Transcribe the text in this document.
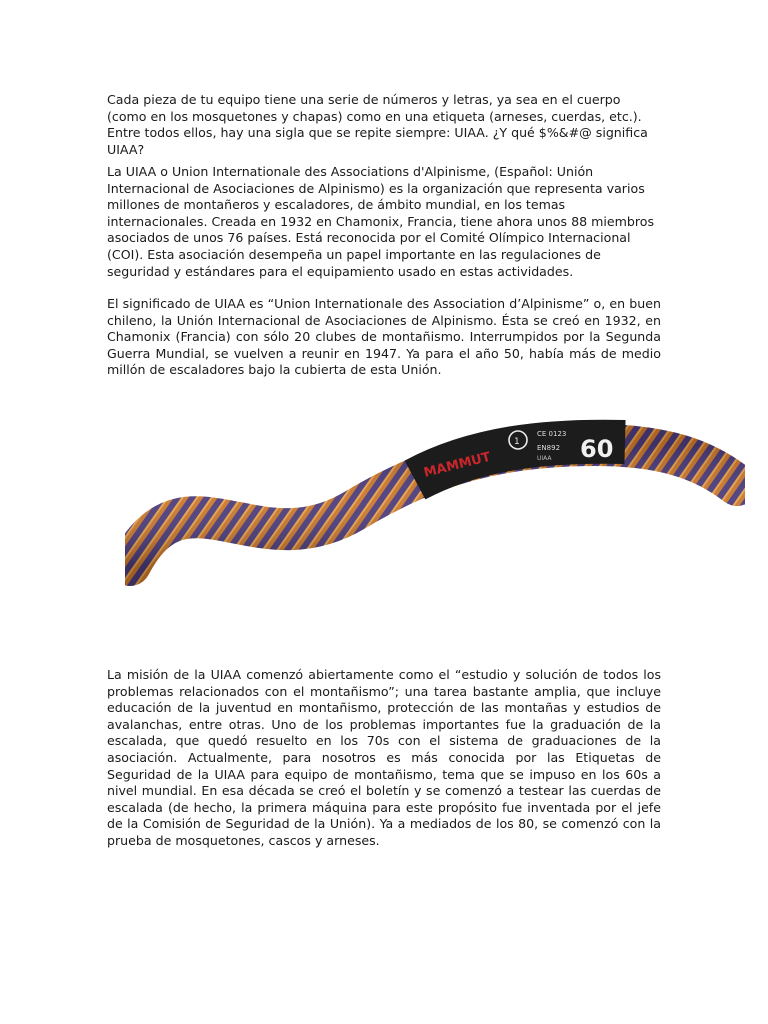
Cada pieza de tu equipo tiene una serie de números y letras, ya sea en el cuerpo (como en los mosquetones y chapas) como en una etiqueta (arneses, cuerdas, etc.). Entre todos ellos, hay una sigla que se repite siempre: UIAA. ¿Y qué $%&#@ significa UIAA?

La UIAA o Union Internationale des Associations d'Alpinisme, (Español: Unión Internacional de Asociaciones de Alpinismo) es la organización que representa varios millones de montañeros y escaladores, de ámbito mundial, en los temas internacionales. Creada en 1932 en Chamonix, Francia, tiene ahora unos 88 miembros asociados de unos 76 países. Está reconocida por el Comité Olímpico Internacional (COI). Esta asociación desempeña un papel importante en las regulaciones de seguridad y estándares para el equipamiento usado en estas actividades.

El significado de UIAA es “Union Internationale des Association d’Alpinisme” o, en buen chileno, la Unión Internacional de Asociaciones de Alpinismo. Ésta se creó en 1932, en Chamonix (Francia) con sólo 20 clubes de montañismo. Interrumpidos por la Segunda Guerra Mundial, se vuelven a reunir en 1947. Ya para el año 50, había más de medio millón de escaladores bajo la cubierta de esta Unión.

La misión de la UIAA comenzó abiertamente como el “estudio y solución de todos los problemas relacionados con el montañismo”; una tarea bastante amplia, que incluye educación de la juventud en montañismo, protección de las montañas y estudios de avalanchas, entre otras. Uno de los problemas importantes fue la graduación de la escalada, que quedó resuelto en los 70s con el sistema de graduaciones de la asociación. Actualmente, para nosotros es más conocida por las Etiquetas de Seguridad de la UIAA para equipo de montañismo, tema que se impuso en los 60s a nivel mundial. En esa década se creó el boletín y se comenzó a testear las cuerdas de escalada (de hecho, la primera máquina para este propósito fue inventada por el jefe de la Comisión de Seguridad de la Unión). Ya a mediados de los 80, se comenzó con la prueba de mosquetones, cascos y arneses.

MAMMUT
1
CE 0123
EN892
UIAA 60
